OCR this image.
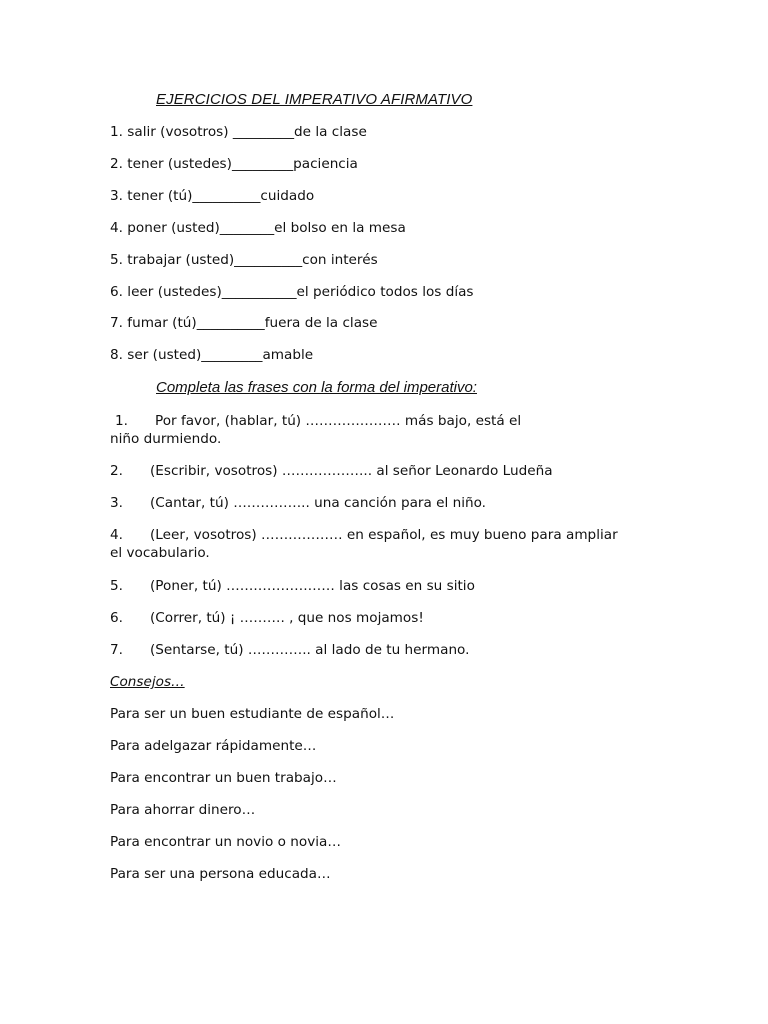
EJERCICIOS DEL IMPERATIVO AFIRMATIVO
1. salir (vosotros) _________de la clase
2. tener (ustedes)_________paciencia
3. tener (tú)__________cuidado
4. poner (usted)________el bolso en la mesa
5. trabajar (usted)__________con interés
6. leer (ustedes)___________el periódico todos los días
7. fumar (tú)__________fuera de la clase
8. ser (usted)_________amable
Completa las frases con la forma del imperativo:
1. Por favor, (hablar, tú) ………………… más bajo, está el
niño durmiendo.
2. (Escribir, vosotros) ……………….. al señor Leonardo Ludeña
3. (Cantar, tú) …………….. una canción para el niño.
4. (Leer, vosotros) ……………… en español, es muy bueno para ampliar
el vocabulario.
5. (Poner, tú) …………………… las cosas en su sitio
6. (Correr, tú) ¡ ………. , que nos mojamos!
7. (Sentarse, tú) ………….. al lado de tu hermano.
Consejos…
Para ser un buen estudiante de español…
Para adelgazar rápidamente…
Para encontrar un buen trabajo…
Para ahorrar dinero…
Para encontrar un novio o novia…
Para ser una persona educada…
